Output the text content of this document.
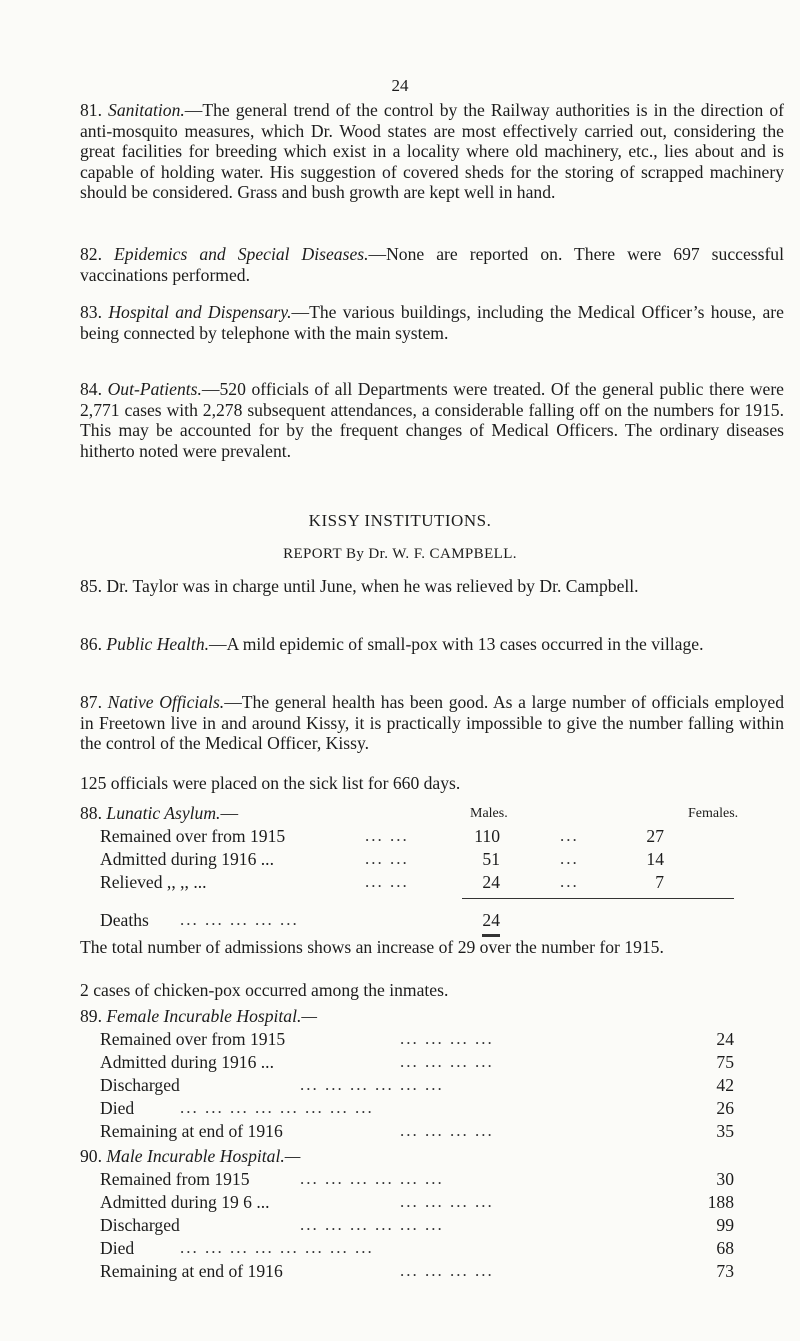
24

81. Sanitation.—The general trend of the control by the Railway authorities is in the direction of anti-mosquito measures, which Dr. Wood states are most effectively carried out, considering the great facilities for breeding which exist in a locality where old machinery, etc., lies about and is capable of holding water. His suggestion of covered sheds for the storing of scrapped machinery should be considered. Grass and bush growth are kept well in hand.

82. Epidemics and Special Diseases.—None are reported on. There were 697 successful vaccinations performed.

83. Hospital and Dispensary.—The various buildings, including the Medical Officer’s house, are being connected by telephone with the main system.

84. Out-Patients.—520 officials of all Departments were treated. Of the general public there were 2,771 cases with 2,278 subsequent attendances, a considerable falling off on the numbers for 1915. This may be accounted for by the frequent changes of Medical Officers. The ordinary diseases hitherto noted were prevalent.

KISSY INSTITUTIONS.
REPORT By Dr. W. F. CAMPBELL.

85. Dr. Taylor was in charge until June, when he was relieved by Dr. Campbell.

86. Public Health.—A mild epidemic of small-pox with 13 cases occurred in the village.

87. Native Officials.—The general health has been good. As a large number of officials employed in Freetown live in and around Kissy, it is practically impossible to give the number falling within the control of the Medical Officer, Kissy.

125 officials were placed on the sick list for 660 days.
88. Lunatic Asylum.—	Males.	Females.
Remained over from 1915	... ...	110	...	27
Admitted during 1916 ...	... ...	51	...	14
Relieved ,, ,, ...	... ...	24	...	7
Deaths ... ... ... ... ...	24

The total number of admissions shows an increase of 29 over the number for 1915.

2 cases of chicken-pox occurred among the inmates.
89. Female Incurable Hospital.—
Remained over from 1915	... ... ... ...	24
Admitted during 1916 ...	... ... ... ...	75
Discharged	... ... ... ... ... ...	42
Died	... ... ... ... ... ... ... ...	26
Remaining at end of 1916	... ... ... ...	35
90. Male Incurable Hospital.—
Remained from 1915	... ... ... ... ... ...	30
Admitted during 19 6 ...	... ... ... ...	188
Discharged	... ... ... ... ... ...	99
Died	... ... ... ... ... ... ... ...	68
Remaining at end of 1916	... ... ... ...	73
